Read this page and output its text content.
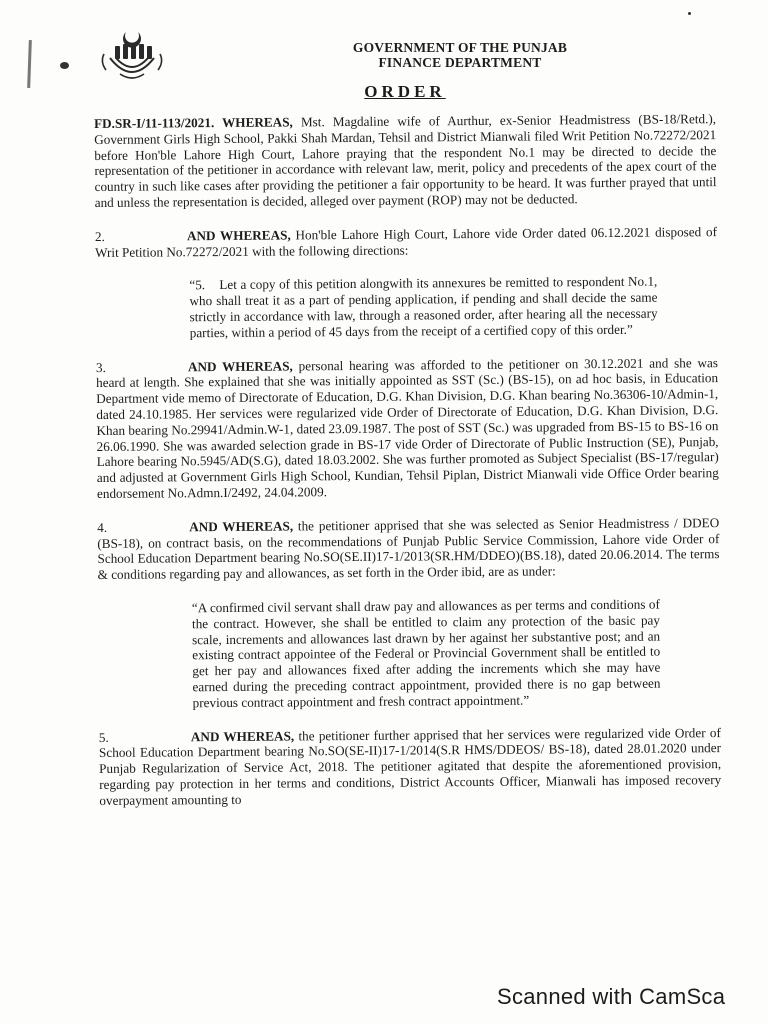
GOVERNMENT OF THE PUNJAB
FINANCE DEPARTMENT
ORDER

FD.SR-I/11-113/2021. WHEREAS, Mst. Magdaline wife of Aurthur, ex-Senior Headmistress (BS-18/Retd.), Government Girls High School, Pakki Shah Mardan, Tehsil and District Mianwali filed Writ Petition No.72272/2021 before Hon'ble Lahore High Court, Lahore praying that the respondent No.1 may be directed to decide the representation of the petitioner in accordance with relevant law, merit, policy and precedents of the apex court of the country in such like cases after providing the petitioner a fair opportunity to be heard. It was further prayed that until and unless the representation is decided, alleged over payment (ROP) may not be deducted.

2.	AND WHEREAS, Hon'ble Lahore High Court, Lahore vide Order dated 06.12.2021 disposed of Writ Petition No.72272/2021 with the following directions:

“5. Let a copy of this petition alongwith its annexures be remitted to respondent No.1, who shall treat it as a part of pending application, if pending and shall decide the same strictly in accordance with law, through a reasoned order, after hearing all the necessary parties, within a period of 45 days from the receipt of a certified copy of this order.”

3.	AND WHEREAS, personal hearing was afforded to the petitioner on 30.12.2021 and she was heard at length. She explained that she was initially appointed as SST (Sc.) (BS-15), on ad hoc basis, in Education Department vide memo of Directorate of Education, D.G. Khan Division, D.G. Khan bearing No.36306-10/Admin-1, dated 24.10.1985. Her services were regularized vide Order of Directorate of Education, D.G. Khan Division, D.G. Khan bearing No.29941/Admin.W-1, dated 23.09.1987. The post of SST (Sc.) was upgraded from BS-15 to BS-16 on 26.06.1990. She was awarded selection grade in BS-17 vide Order of Directorate of Public Instruction (SE), Punjab, Lahore bearing No.5945/AD(S.G), dated 18.03.2002. She was further promoted as Subject Specialist (BS-17/regular) and adjusted at Government Girls High School, Kundian, Tehsil Piplan, District Mianwali vide Office Order bearing endorsement No.Admn.I/2492, 24.04.2009.

4.	AND WHEREAS, the petitioner apprised that she was selected as Senior Headmistress / DDEO (BS-18), on contract basis, on the recommendations of Punjab Public Service Commission, Lahore vide Order of School Education Department bearing No.SO(SE.II)17-1/2013(SR.HM/DDEO)(BS.18), dated 20.06.2014. The terms & conditions regarding pay and allowances, as set forth in the Order ibid, are as under:

“A confirmed civil servant shall draw pay and allowances as per terms and conditions of the contract. However, she shall be entitled to claim any protection of the basic pay scale, increments and allowances last drawn by her against her substantive post; and an existing contract appointee of the Federal or Provincial Government shall be entitled to get her pay and allowances fixed after adding the increments which she may have earned during the preceding contract appointment, provided there is no gap between previous contract appointment and fresh contract appointment.”

5.	AND WHEREAS, the petitioner further apprised that her services were regularized vide Order of School Education Department bearing No.SO(SE-II)17-1/2014(S.R HMS/DDEOS/ BS-18), dated 28.01.2020 under Punjab Regularization of Service Act, 2018. The petitioner agitated that despite the aforementioned provision, regarding pay protection in her terms and conditions, District Accounts Officer, Mianwali has imposed recovery overpayment amounting to

Scanned with CamSca
